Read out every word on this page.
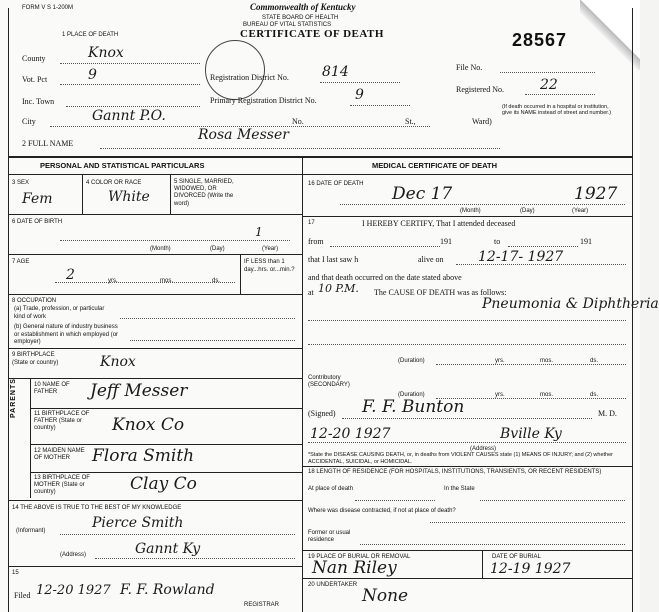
FORM V S 1-200M	Commonwealth of Kentucky
STATE BOARD OF HEALTH
BUREAU OF VITAL STATISTICS
CERTIFICATE OF DEATH	28567
1 PLACE OF DEATH
County	Knox
Vot. Pct	9
Inc. Town
City	Gannt P.O.
Registration District No. 814
Primary Registration District No.	9
No.	St.,	Ward)
File No.
Registered No.	22
(If death occurred in a hospital or institution, give its NAME instead of street and number.)
2 FULL NAME
Rosa Messer
PERSONAL AND STATISTICAL PARTICULARS	MEDICAL CERTIFICATE OF DEATH
3 SEX
Fem
4 COLOR OR RACE
White
5 SINGLE, MARRIED, WIDOWED, OR DIVORCED (Write the word)
6 DATE OF BIRTH
1
(Month)	(Day)	(Year)
7 AGE
2	yrs.	mos.	ds.
IF LESS than 1 day...hrs. or...min.?
8 OCCUPATION
(a) Trade, profession, or particular kind of work
(b) General nature of industry business or establishment in which employed (or employer)
9 BIRTHPLACE (State or country)	Knox
PARENTS	10 NAME OF FATHER	Jeff Messer
11 BIRTHPLACE OF FATHER (State or country)	Knox Co
12 MAIDEN NAME OF MOTHER	Flora Smith
13 BIRTHPLACE OF MOTHER (State or country)	Clay Co
14 THE ABOVE IS TRUE TO THE BEST OF MY KNOWLEDGE
(Informant)	Pierce Smith
(Address)	Gannt Ky
15
Filed 12-20 1927 F. F. Rowland
REGISTRAR
16 DATE OF DEATH Dec 17	1927
(Month)	(Day)	(Year)
17	I HEREBY CERTIFY, That I attended deceased
from	191	to	191
that I last saw h	alive on 12-17- 1927
and that death occurred on the date stated above
at 10 P.M. The CAUSE OF DEATH was as follows:
Pneumonia & Diphtheria
(Duration)	yrs.	mos.	ds.
Contributory (SECONDARY)
(Duration)	yrs.	mos.	ds.
(Signed) F. F. Bunton	M. D.
12-20 1927	Bville Ky
(Address)
*State the DISEASE CAUSING DEATH, or, in deaths from VIOLENT CAUSES state (1) MEANS OF INJURY; and (2) whether ACCIDENTAL, SUICIDAL, or HOMICIDAL.
18 LENGTH OF RESIDENCE (FOR HOSPITALS, INSTITUTIONS, TRANSIENTS, OR RECENT RESIDENTS)
At place of death	In the State
Where was disease contracted, if not at place of death?
Former or usual residence
19 PLACE OF BURIAL OR REMOVAL	DATE OF BURIAL
Nan Riley	12-19 1927
20 UNDERTAKER
None
